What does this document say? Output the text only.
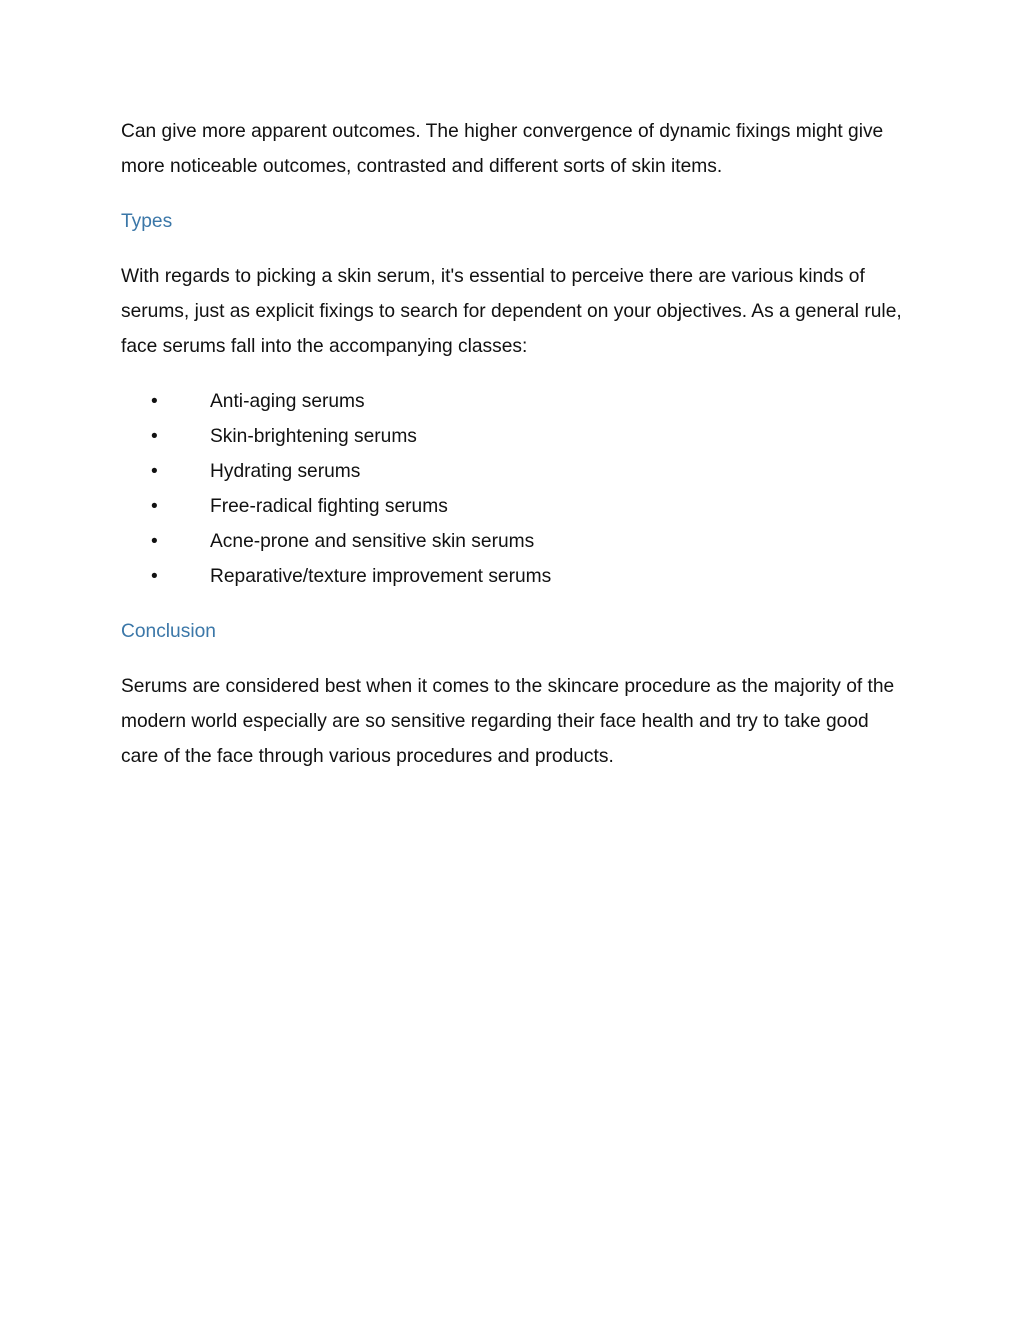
Can give more apparent outcomes. The higher convergence of dynamic fixings might give more noticeable outcomes, contrasted and different sorts of skin items.

Types

With regards to picking a skin serum, it's essential to perceive there are various kinds of serums, just as explicit fixings to search for dependent on your objectives. As a general rule, face serums fall into the accompanying classes:

•	Anti-aging serums
•	Skin-brightening serums
•	Hydrating serums
•	Free-radical fighting serums
•	Acne-prone and sensitive skin serums
•	Reparative/texture improvement serums

Conclusion

Serums are considered best when it comes to the skincare procedure as the majority of the modern world especially are so sensitive regarding their face health and try to take good care of the face through various procedures and products.
